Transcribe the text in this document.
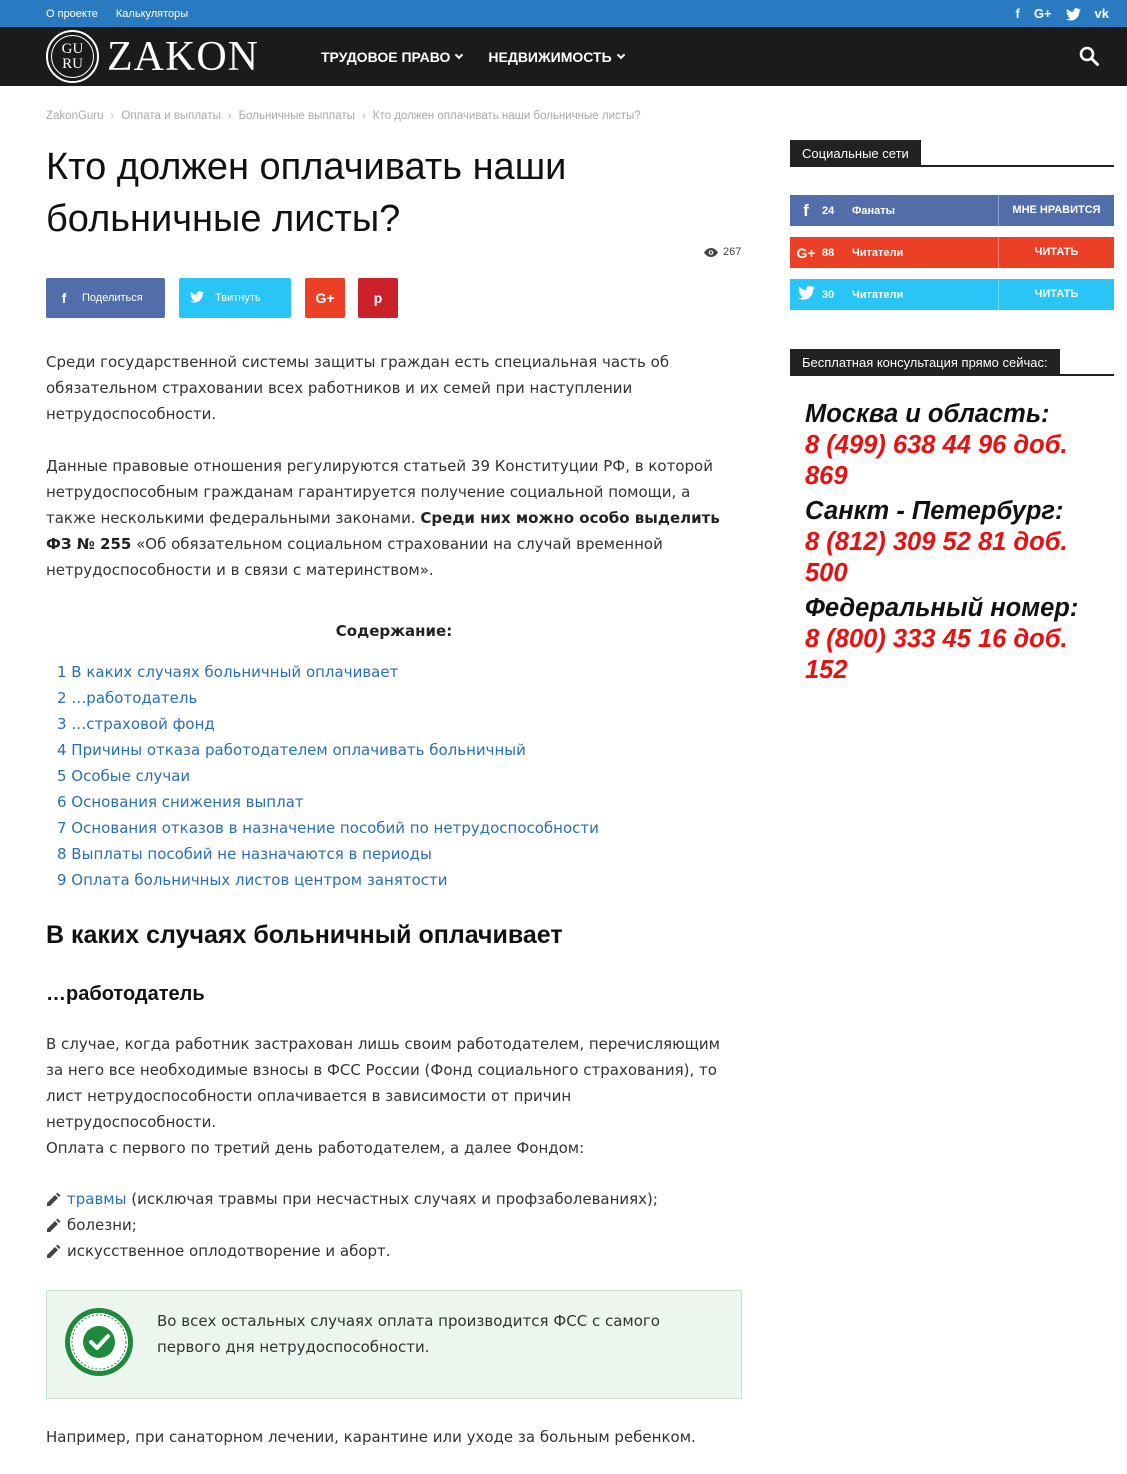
О проекте Калькуляторы	f G+	vk
GU
RU ZAKON	ТРУДОВОЕ ПРАВО	НЕДВИЖИМОСТЬ
ZakonGuru › Оплата и выплаты › Больничные выплаты › Кто должен оплачивать наши больничные листы?
Кто должен оплачивать наши больничные листы?
267
f	Поделиться	Твитнуть	G+	p

Среди государственной системы защиты граждан есть специальная часть об обязательном страховании всех работников и их семей при наступлении нетрудоспособности.

Данные правовые отношения регулируются статьей 39 Конституции РФ, в которой нетрудоспособным гражданам гарантируется получение социальной помощи, а также несколькими федеральными законами. Среди них можно особо выделить ФЗ № 255 «Об обязательном социальном страховании на случай временной нетрудоспособности и в связи с материнством».

Содержание:
1 В каких случаях больничный оплачивает
2 …работодатель
3 …страховой фонд
4 Причины отказа работодателем оплачивать больничный
5 Особые случаи
6 Основания снижения выплат
7 Основания отказов в назначение пособий по нетрудоспособности
8 Выплаты пособий не назначаются в периоды
9 Оплата больничных листов центром занятости
В каких случаях больничный оплачивает
…работодатель

В случае, когда работник застрахован лишь своим работодателем, перечисляющим за него все необходимые взносы в ФСС России (Фонд социального страхования), то лист нетрудоспособности оплачивается в зависимости от причин нетрудоспособности.

Оплата с первого по третий день работодателем, а далее Фондом:

травмы (исключая травмы при несчастных случаях и профзаболеваниях);
болезни;
искусственное оплодотворение и аборт.

Во всех остальных случаях оплата производится ФСС с самого первого дня нетрудоспособности.

Например, при санаторном лечении, карантине или уходе за больным ребенком.

Социальные сети
f	24	Фанаты	МНЕ НРАВИТСЯ
G+ 88	Читатели	ЧИТАТЬ
30	Читатели	ЧИТАТЬ
Бесплатная консультация прямо сейчас:
Москва и область:
8 (499) 638 44 96 доб. 869
Санкт - Петербург:
8 (812) 309 52 81 доб. 500
Федеральный номер:
8 (800) 333 45 16 доб. 152
